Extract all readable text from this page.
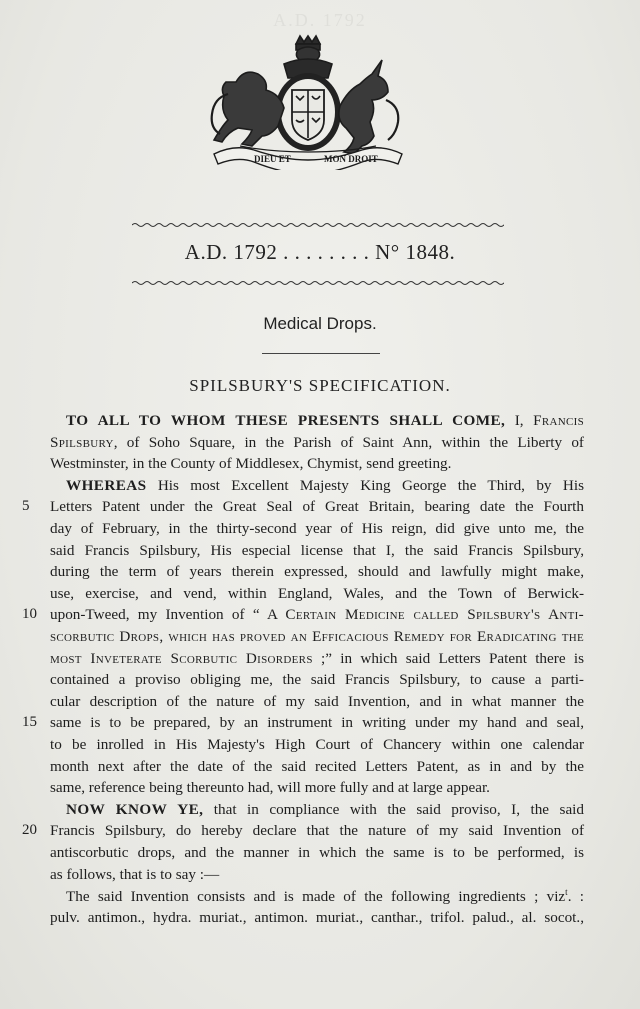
A.D. 1792
DIEU ET	MON DROIT
A.D. 1792 . . . . . . . . N° 1848.
Medical Drops.
SPILSBURY'S SPECIFICATION.
TO ALL TO WHOM THESE PRESENTS SHALL COME, I, Francis
Spilsbury, of Soho Square, in the Parish of Saint Ann, within the Liberty of
Westminster, in the County of Middlesex, Chymist, send greeting.
WHEREAS His most Excellent Majesty King George the Third, by His
Letters Patent under the Great Seal of Great Britain, bearing date the Fourth
5
day of February, in the thirty-second year of His reign, did give unto me, the
said Francis Spilsbury, His especial license that I, the said Francis Spilsbury,
during the term of years therein expressed, should and lawfully might make,
use, exercise, and vend, within England, Wales, and the Town of Berwick-
upon-Tweed, my Invention of “ A Certain Medicine called Spilsbury's Anti-
10
scorbutic Drops, which has proved an Efficacious Remedy for Eradicating the
most Inveterate Scorbutic Disorders ;” in which said Letters Patent there is
contained a proviso obliging me, the said Francis Spilsbury, to cause a parti-
cular description of the nature of my said Invention, and in what manner the
same is to be prepared, by an instrument in writing under my hand and seal,
15
to be inrolled in His Majesty's High Court of Chancery within one calendar
month next after the date of the said recited Letters Patent, as in and by the
same, reference being thereunto had, will more fully and at large appear.
NOW KNOW YE, that in compliance with the said proviso, I, the said
Francis Spilsbury, do hereby declare that the nature of my said Invention of
20
antiscorbutic drops, and the manner in which the same is to be performed, is
as follows, that is to say :—
The said Invention consists and is made of the following ingredients ; viz$^t$. :
pulv. antimon., hydra. muriat., antimon. muriat., canthar., trifol. palud., al. socot.,
